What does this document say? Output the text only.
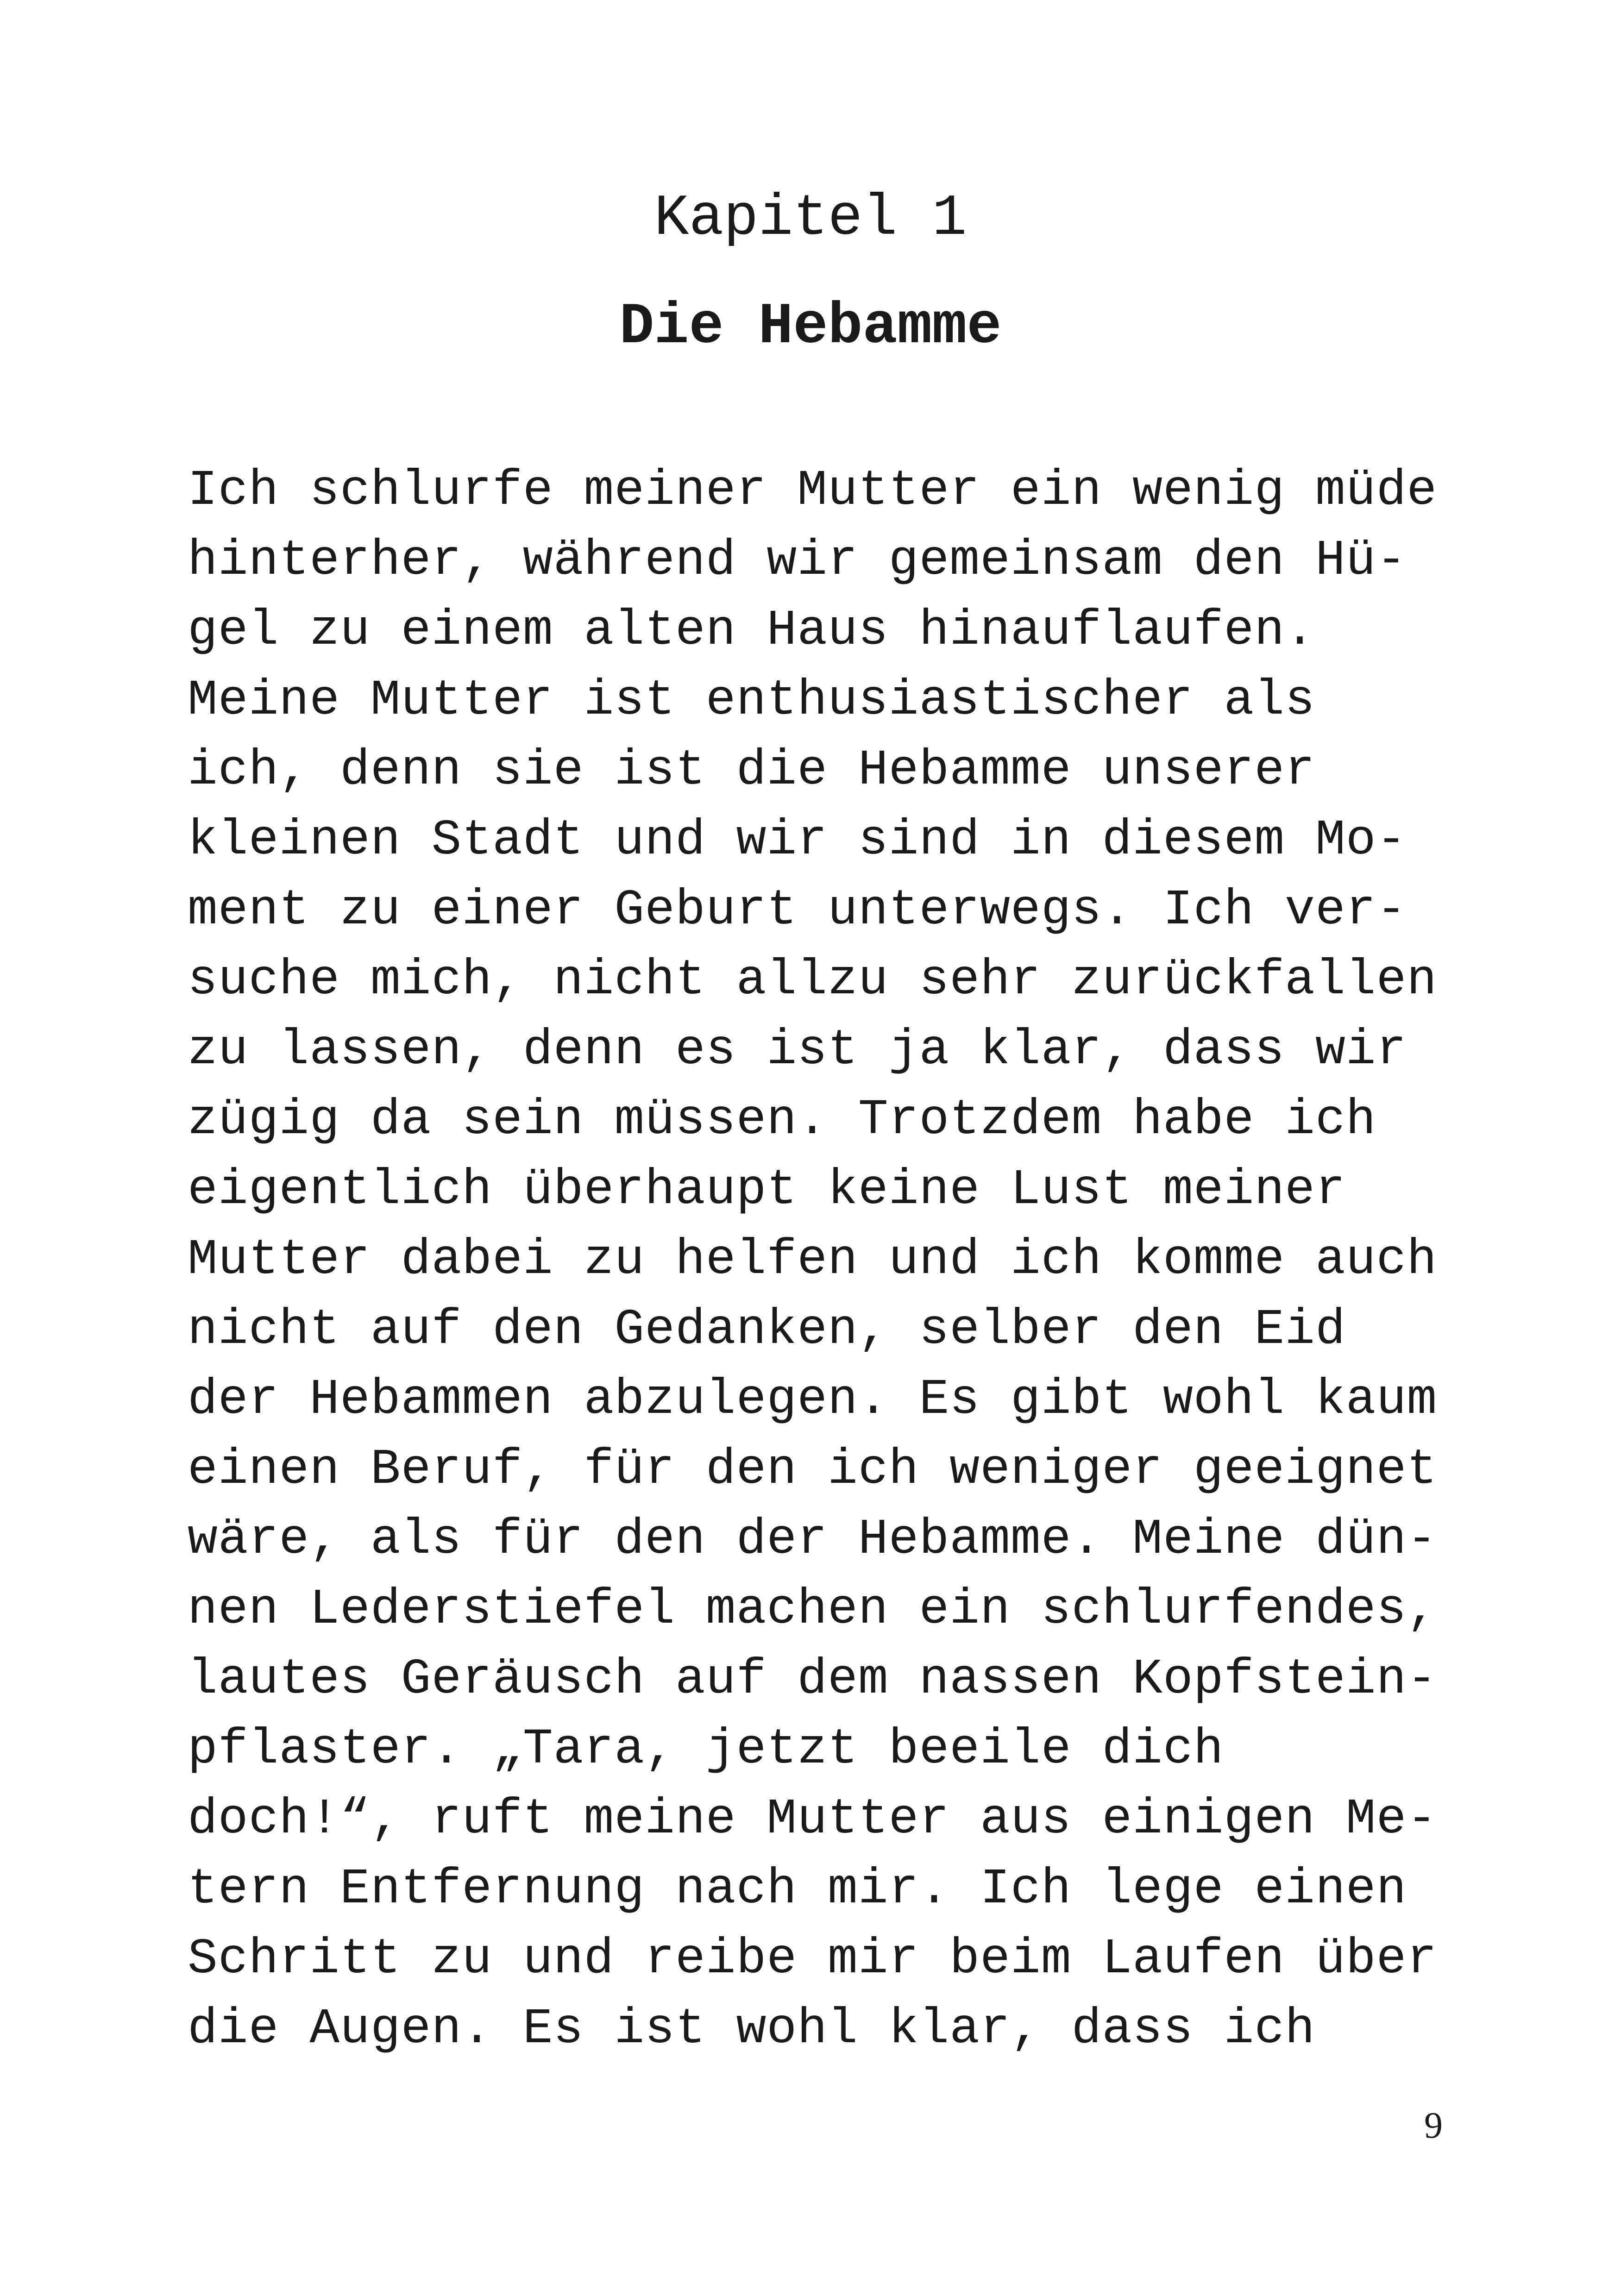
Kapitel 1
Die Hebamme
Ich schlurfe meiner Mutter ein wenig müde
hinterher, während wir gemeinsam den Hü-
gel zu einem alten Haus hinauflaufen.
Meine Mutter ist enthusiastischer als
ich, denn sie ist die Hebamme unserer
kleinen Stadt und wir sind in diesem Mo-
ment zu einer Geburt unterwegs. Ich ver-
suche mich, nicht allzu sehr zurückfallen
zu lassen, denn es ist ja klar, dass wir
zügig da sein müssen. Trotzdem habe ich
eigentlich überhaupt keine Lust meiner
Mutter dabei zu helfen und ich komme auch
nicht auf den Gedanken, selber den Eid
der Hebammen abzulegen. Es gibt wohl kaum
einen Beruf, für den ich weniger geeignet
wäre, als für den der Hebamme. Meine dün-
nen Lederstiefel machen ein schlurfendes,
lautes Geräusch auf dem nassen Kopfstein-
pflaster. „Tara, jetzt beeile dich
doch!“, ruft meine Mutter aus einigen Me-
tern Entfernung nach mir. Ich lege einen
Schritt zu und reibe mir beim Laufen über
die Augen. Es ist wohl klar, dass ich
9
